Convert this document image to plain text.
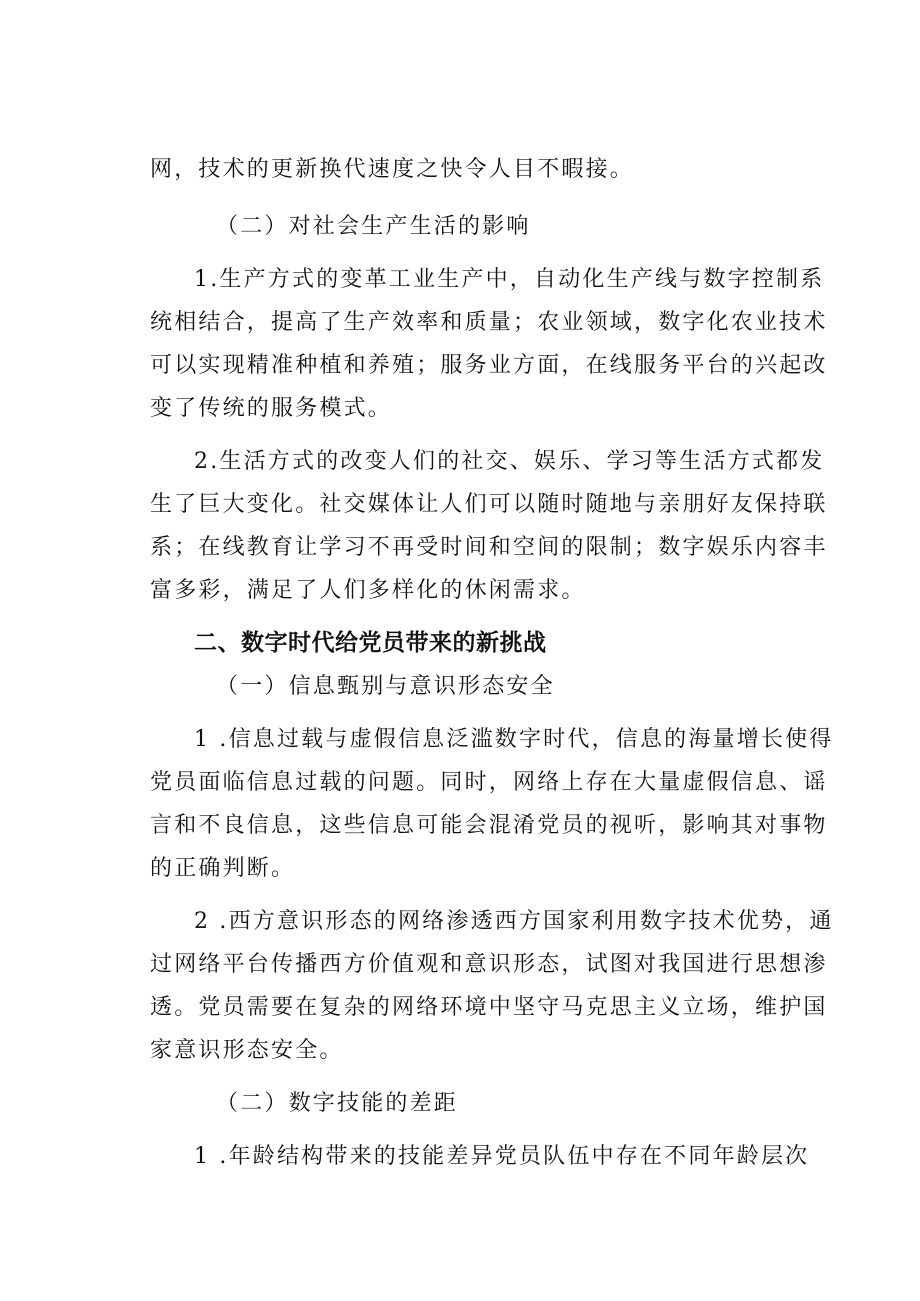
网，技术的更新换代速度之快令人目不暇接。

（二）对社会生产生活的影响

1.生产方式的变革工业生产中，自动化生产线与数字控制系

统相结合，提高了生产效率和质量；农业领域，数字化农业技术

可以实现精准种植和养殖；服务业方面，在线服务平台的兴起改

变了传统的服务模式。

2.生活方式的改变人们的社交、娱乐、学习等生活方式都发

生了巨大变化。社交媒体让人们可以随时随地与亲朋好友保持联

系；在线教育让学习不再受时间和空间的限制；数字娱乐内容丰

富多彩，满足了人们多样化的休闲需求。

二、数字时代给党员带来的新挑战

（一）信息甄别与意识形态安全

1 .信息过载与虚假信息泛滥数字时代，信息的海量增长使得

党员面临信息过载的问题。同时，网络上存在大量虚假信息、谣

言和不良信息，这些信息可能会混淆党员的视听，影响其对事物

的正确判断。

2 .西方意识形态的网络渗透西方国家利用数字技术优势，通

过网络平台传播西方价值观和意识形态，试图对我国进行思想渗

透。党员需要在复杂的网络环境中坚守马克思主义立场，维护国

家意识形态安全。

（二）数字技能的差距

1 .年龄结构带来的技能差异党员队伍中存在不同年龄层次
